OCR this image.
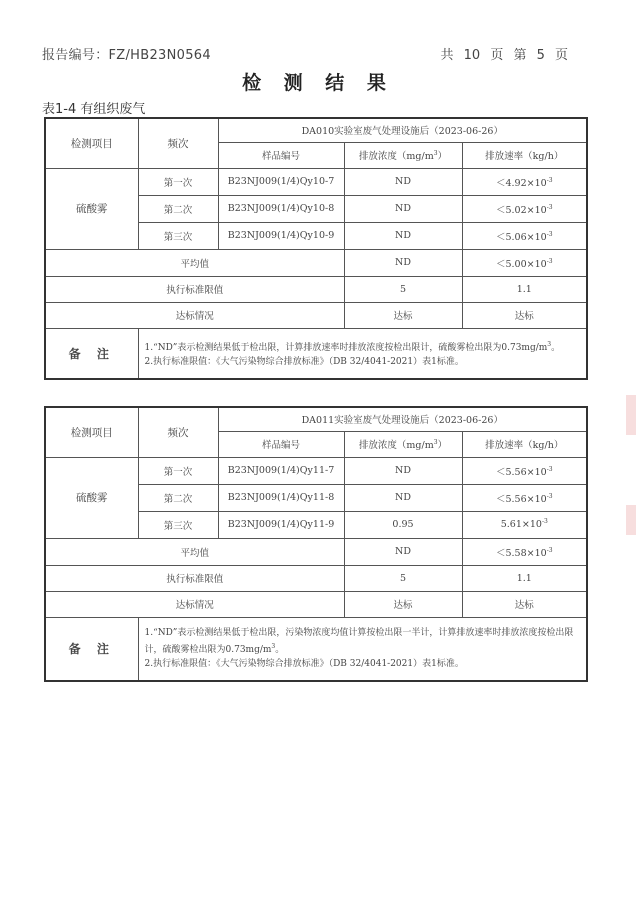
报告编号：FZ/HB23N0564	共 10 页 第 5 页
检 测 结 果
表1-4 有组织废气
检测项目	频次	DA010实验室废气处理设施后（2023-06-26）		
		样品编号	排放浓度$(mg/m^3)$	排放速率（kg/h）
硫酸雾	第一次	B23NJ009(1/4)Qy10-7	ND	$<4.92\times 10^{-3}$
	第二次	B23NJ009(1/4)Qy10-8	ND	$<5.02\times 10^{-3}$
	第三次	B23NJ009(1/4)Qy10-9	ND	$<5.06\times 10^{-3}$
平均值			ND	$<5.00\times 10^{-3}$
执行标准限值			5	1.1
达标情况			达标	达标
备 注	1.“ND”表示检测结果低于检出限，计算排放速率时排放浓度按检出限计，硫酸雾检出限为$0.73mg/m^3$。
2.执行标准限值：《大气污染物综合排放标准》（DB 32/4041-2021）表1标准。			
检测项目	频次	DA011实验室废气处理设施后（2023-06-26）		
		样品编号	排放浓度$(mg/m^3)$	排放速率（kg/h）
硫酸雾	第一次	B23NJ009(1/4)Qy11-7	ND	$<5.56\times 10^{-3}$
	第二次	B23NJ009(1/4)Qy11-8	ND	$<5.56\times 10^{-3}$
	第三次	B23NJ009(1/4)Qy11-9	0.95	$5.61\times 10^{-3}$
平均值			ND	$<5.58\times 10^{-3}$
执行标准限值			5	1.1
达标情况			达标	达标
备 注	1.“ND”表示检测结果低于检出限，污染物浓度均值计算按检出限一半计，计算排放速率时排放浓度按检出限计，硫酸雾检出限为$0.73mg/m^3$。
2.执行标准限值：《大气污染物综合排放标准》（DB 32/4041-2021）表1标准。			
